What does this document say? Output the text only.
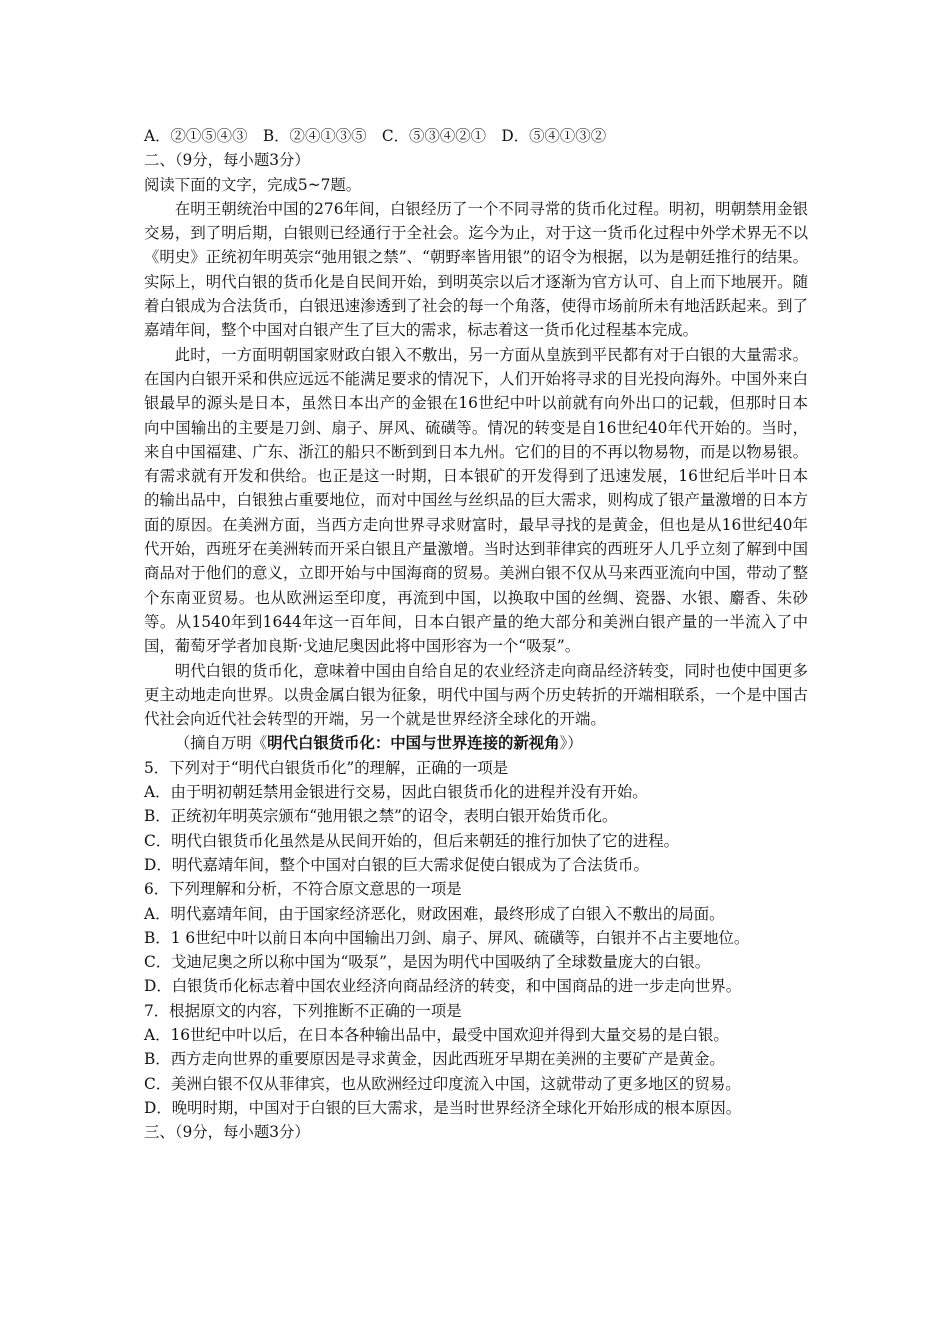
A．②①⑤④③　B．②④①③⑤　C．⑤③④②①　D．⑤④①③②

二、（9分，每小题3分）

阅读下面的文字，完成5~7题。

在明王朝统治中国的276年间，白银经历了一个不同寻常的货币化过程。明初，明朝禁用金银交易，到了明后期，白银则已经通行于全社会。迄今为止，对于这一货币化过程中外学术界无不以《明史》正统初年明英宗“弛用银之禁”、“朝野率皆用银”的诏令为根据，以为是朝廷推行的结果。实际上，明代白银的货币化是自民间开始，到明英宗以后才逐渐为官方认可、自上而下地展开。随着白银成为合法货币，白银迅速渗透到了社会的每一个角落，使得市场前所未有地活跃起来。到了嘉靖年间，整个中国对白银产生了巨大的需求，标志着这一货币化过程基本完成。

此时，一方面明朝国家财政白银入不敷出，另一方面从皇族到平民都有对于白银的大量需求。在国内白银开采和供应远远不能满足要求的情况下，人们开始将寻求的目光投向海外。中国外来白银最早的源头是日本，虽然日本出产的金银在16世纪中叶以前就有向外出口的记载，但那时日本向中国输出的主要是刀剑、扇子、屏风、硫磺等。情况的转变是自16世纪40年代开始的。当时，来自中国福建、广东、浙江的船只不断到到日本九州。它们的目的不再以物易物，而是以物易银。有需求就有开发和供给。也正是这一时期，日本银矿的开发得到了迅速发展，16世纪后半叶日本的输出品中，白银独占重要地位，而对中国丝与丝织品的巨大需求，则构成了银产量激增的日本方面的原因。在美洲方面，当西方走向世界寻求财富时，最早寻找的是黄金，但也是从16世纪40年代开始，西班牙在美洲转而开采白银且产量激增。当时达到菲律宾的西班牙人几乎立刻了解到中国商品对于他们的意义，立即开始与中国海商的贸易。美洲白银不仅从马来西亚流向中国，带动了整个东南亚贸易。也从欧洲运至印度，再流到中国，以换取中国的丝绸、瓷器、水银、麝香、朱砂等。从1540年到1644年这一百年间，日本白银产量的绝大部分和美洲白银产量的一半流入了中国，葡萄牙学者加良斯·戈迪尼奥因此将中国形容为一个“吸泵”。

明代白银的货币化，意味着中国由自给自足的农业经济走向商品经济转变，同时也使中国更多更主动地走向世界。以贵金属白银为征象，明代中国与两个历史转折的开端相联系，一个是中国古代社会向近代社会转型的开端，另一个就是世界经济全球化的开端。

（摘自万明《明代白银货币化：中国与世界连接的新视角》）

5．下列对于“明代白银货币化”的理解，正确的一项是

A．由于明初朝廷禁用金银进行交易，因此白银货币化的进程并没有开始。

B．正统初年明英宗颁布“弛用银之禁”的诏令，表明白银开始货币化。

C．明代白银货币化虽然是从民间开始的，但后来朝廷的推行加快了它的进程。

D．明代嘉靖年间，整个中国对白银的巨大需求促使白银成为了合法货币。

6．下列理解和分析，不符合原文意思的一项是

A．明代嘉靖年间，由于国家经济恶化，财政困难，最终形成了白银入不敷出的局面。

B．1 6世纪中叶以前日本向中国输出刀剑、扇子、屏风、硫磺等，白银并不占主要地位。

C．戈迪尼奥之所以称中国为“吸泵”，是因为明代中国吸纳了全球数量庞大的白银。

D．白银货币化标志着中国农业经济向商品经济的转变，和中国商品的进一步走向世界。

7．根据原文的内容，下列推断不正确的一项是

A．16世纪中叶以后，在日本各种输出品中，最受中国欢迎并得到大量交易的是白银。

B．西方走向世界的重要原因是寻求黄金，因此西班牙早期在美洲的主要矿产是黄金。

C．美洲白银不仅从菲律宾，也从欧洲经过印度流入中国，这就带动了更多地区的贸易。

D．晚明时期，中国对于白银的巨大需求，是当时世界经济全球化开始形成的根本原因。

三、（9分，每小题3分）
